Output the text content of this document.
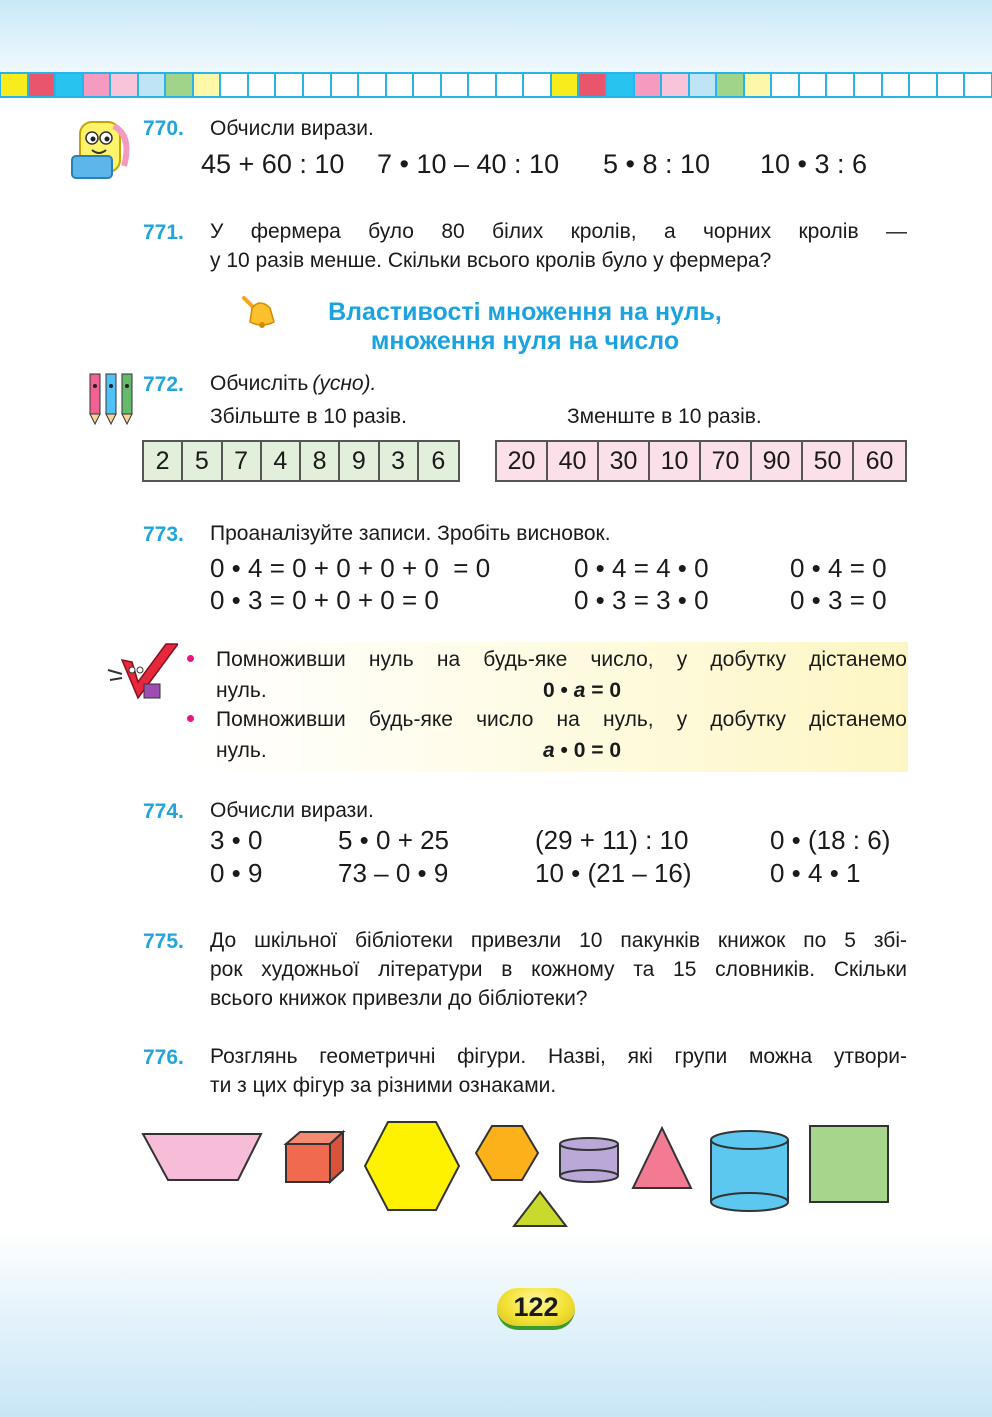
770. Обчисли вирази.
45 + 60 : 10 7 • 10 – 40 : 10 5 • 8 : 10 10 • 3 : 6
771. У фермера було 80 білих кролів, а чорних кролів —
у 10 разів менше. Скільки всього кролів було у фермера?
Властивості множення на нуль,
множення нуля на число
772. Обчисліть (усно).
Збільште в 10 разів.	Зменште в 10 разів.
2	5	7	4	8	9	3	6	20 40 30 10 70 90 50 60
773. Проаналізуйте записи. Зробіть висновок.
0 • 4 = 0 + 0 + 0 + 0  = 0	0 • 4 = 4 • 0	0 • 4 = 0
0 • 3 = 0 + 0 + 0 = 0	0 • 3 = 3 • 0	0 • 3 = 0
Помноживши нуль на будь-яке число, у добутку дістанемо
нуль.	0 • a = 0
Помноживши будь-яке число на нуль, у добутку дістанемо
нуль.	a • 0 = 0
774. Обчисли вирази.
3 • 0	5 • 0 + 25	(29 + 11) : 10	0 • (18 : 6)
0 • 9	73 – 0 • 9	10 • (21 – 16)	0 • 4 • 1
775. До шкільної бібліотеки привезли 10 пакунків книжок по 5 збі-
рок художньої літератури в кожному та 15 словників. Скільки
всього книжок привезли до бібліотеки?
776. Розглянь геометричні фігури. Назві, які групи можна утвори-
ти з цих фігур за різними ознаками.
122
